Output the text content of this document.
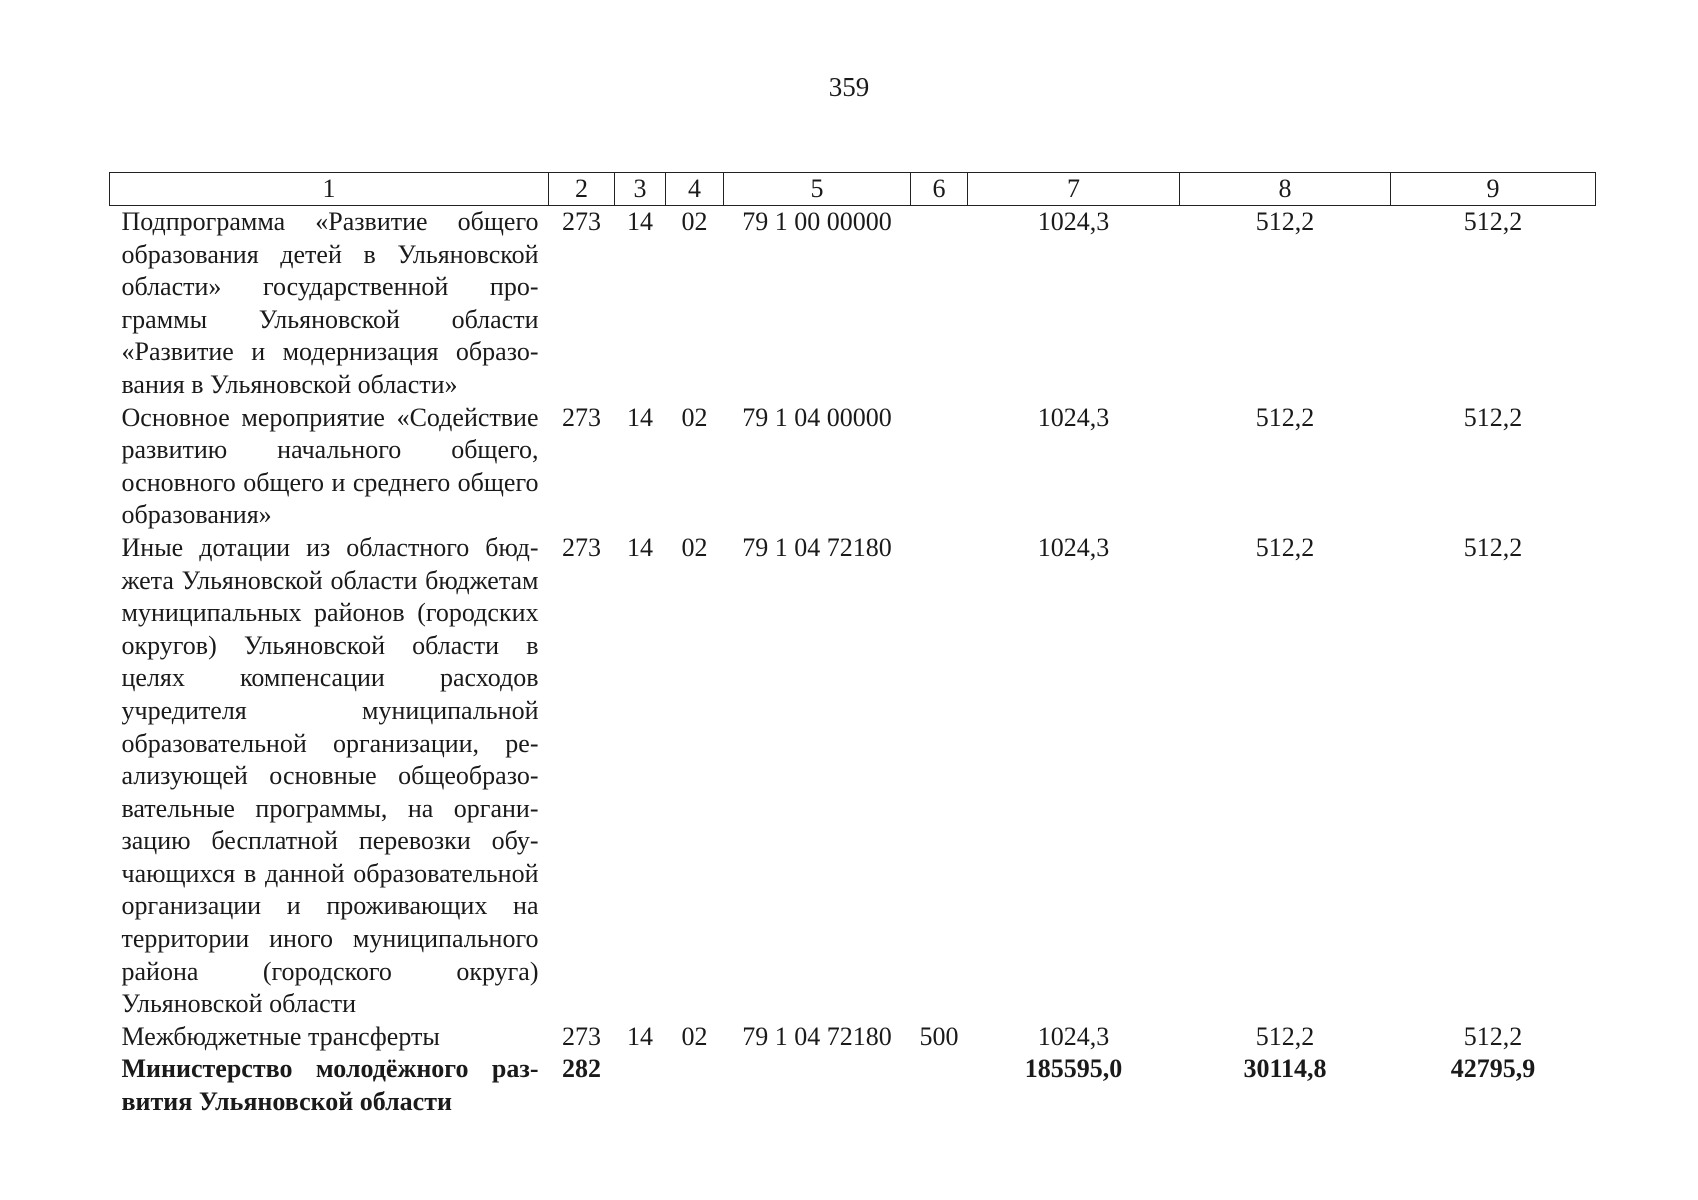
359
1	2	3	4	5	6	7	8	9
Подпрограмма «Развитие общего образования детей в Ульяновской области» государственной программы Ульяновской области «Развитие и модернизация образования в Ульяновской области»	273	14	02	79 1 00 00000		1024,3	512,2	512,2
Основное мероприятие «Содействие развитию начального общего, основного общего и среднего общего образования»	273	14	02	79 1 04 00000		1024,3	512,2	512,2
Иные дотации из областного бюджета Ульяновской области бюджетам муниципальных районов (городских округов) Ульяновской области в целях компенсации расходов учредителя муниципальной образовательной организации, реализующей основные общеобразовательные программы, на организацию бесплатной перевозки обучающихся в данной образовательной организации и проживающих на территории иного муниципального района (городского округа) Ульяновской области	273	14	02	79 1 04 72180		1024,3	512,2	512,2
Межбюджетные трансферты	273	14	02	79 1 04 72180	500	1024,3	512,2	512,2
Министерство молодёжного развития Ульяновской области	282					185595,0	30114,8	42795,9
